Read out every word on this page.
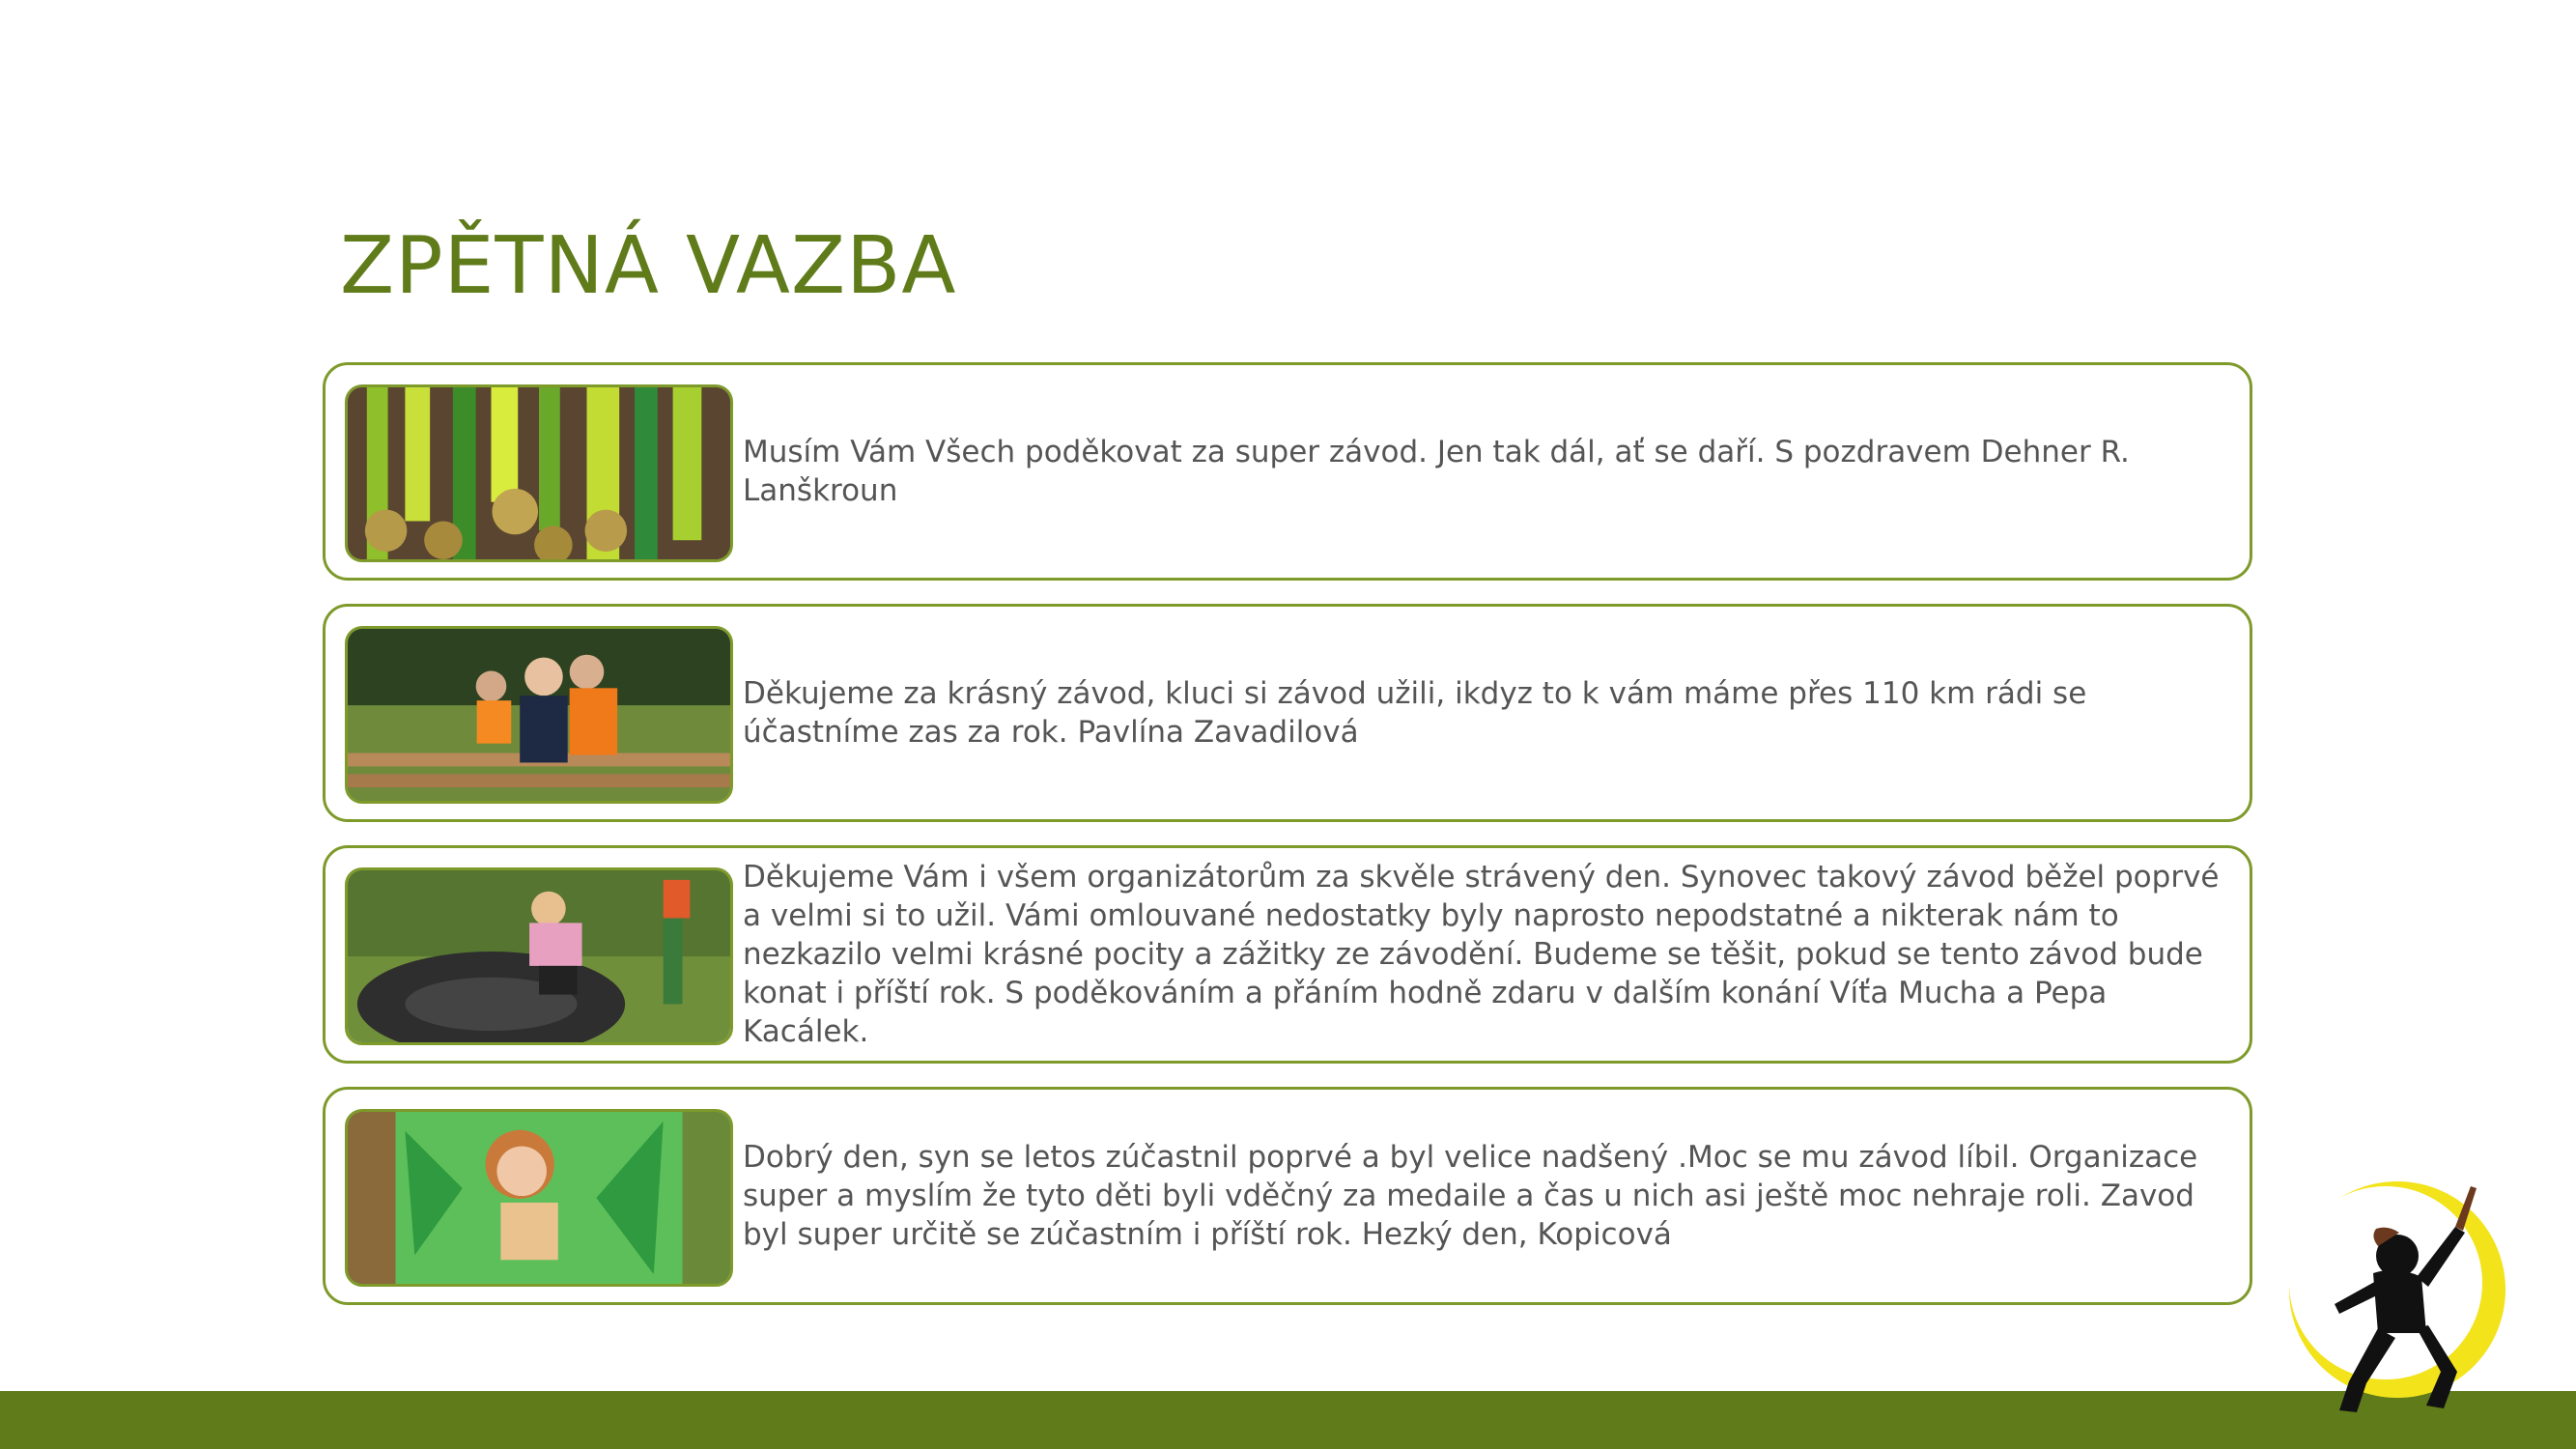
ZPĚTNÁ VAZBA
Musím Vám Všech poděkovat za super závod. Jen tak dál, ať se daří. S pozdravem Dehner R. Lanškroun
Děkujeme za krásný závod, kluci si závod užili, ikdyz to k vám máme přes 110 km rádi se účastníme zas za rok. Pavlína Zavadilová
Děkujeme Vám i všem organizátorům za skvěle strávený den. Synovec takový závod běžel poprvé a velmi si to užil. Vámi omlouvané nedostatky byly naprosto nepodstatné a nikterak nám to nezkazilo velmi krásné pocity a zážitky ze závodění. Budeme se těšit, pokud se tento závod bude konat i příští rok. S poděkováním a přáním hodně zdaru v dalším konání Víťa Mucha a Pepa Kacálek.
Dobrý den, syn se letos zúčastnil poprvé a byl velice nadšený .Moc se mu závod líbil. Organizace super a myslím že tyto děti byli vděčný za medaile a čas u nich asi ještě moc nehraje roli. Zavod byl super určitě se zúčastním i příští rok. Hezký den, Kopicová
